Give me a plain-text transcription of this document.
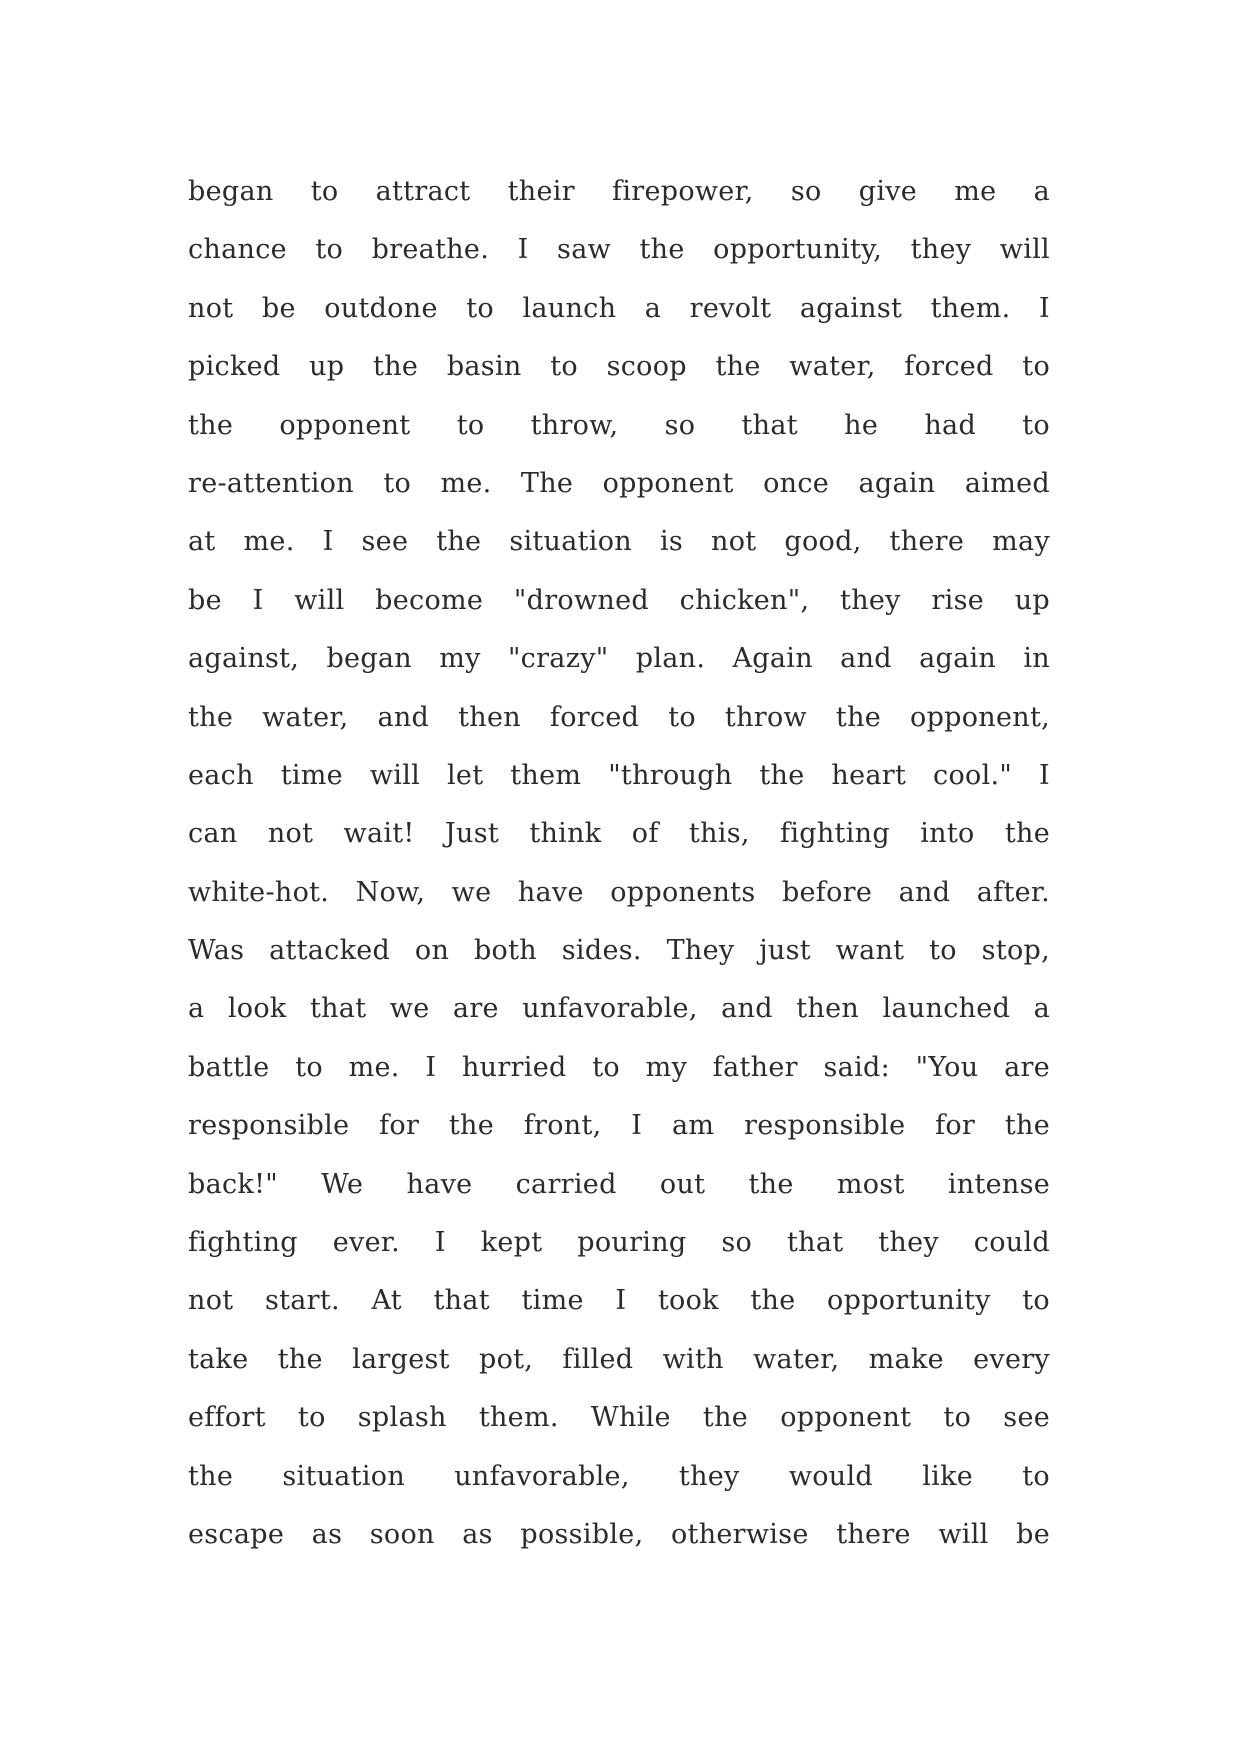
began to attract their firepower, so give me a
chance to breathe. I saw the opportunity, they will
not be outdone to launch a revolt against them. I
picked up the basin to scoop the water, forced to
the opponent to throw, so that he had to
re-attention to me. The opponent once again aimed
at me. I see the situation is not good, there may
be I will become "drowned chicken", they rise up
against, began my "crazy" plan. Again and again in
the water, and then forced to throw the opponent,
each time will let them "through the heart cool." I
can not wait! Just think of this, fighting into the
white-hot. Now, we have opponents before and after.
Was attacked on both sides. They just want to stop,
a look that we are unfavorable, and then launched a
battle to me. I hurried to my father said: "You are
responsible for the front, I am responsible for the
back!" We have carried out the most intense
fighting ever. I kept pouring so that they could
not start. At that time I took the opportunity to
take the largest pot, filled with water, make every
effort to splash them. While the opponent to see
the situation unfavorable, they would like to
escape as soon as possible, otherwise there will be
